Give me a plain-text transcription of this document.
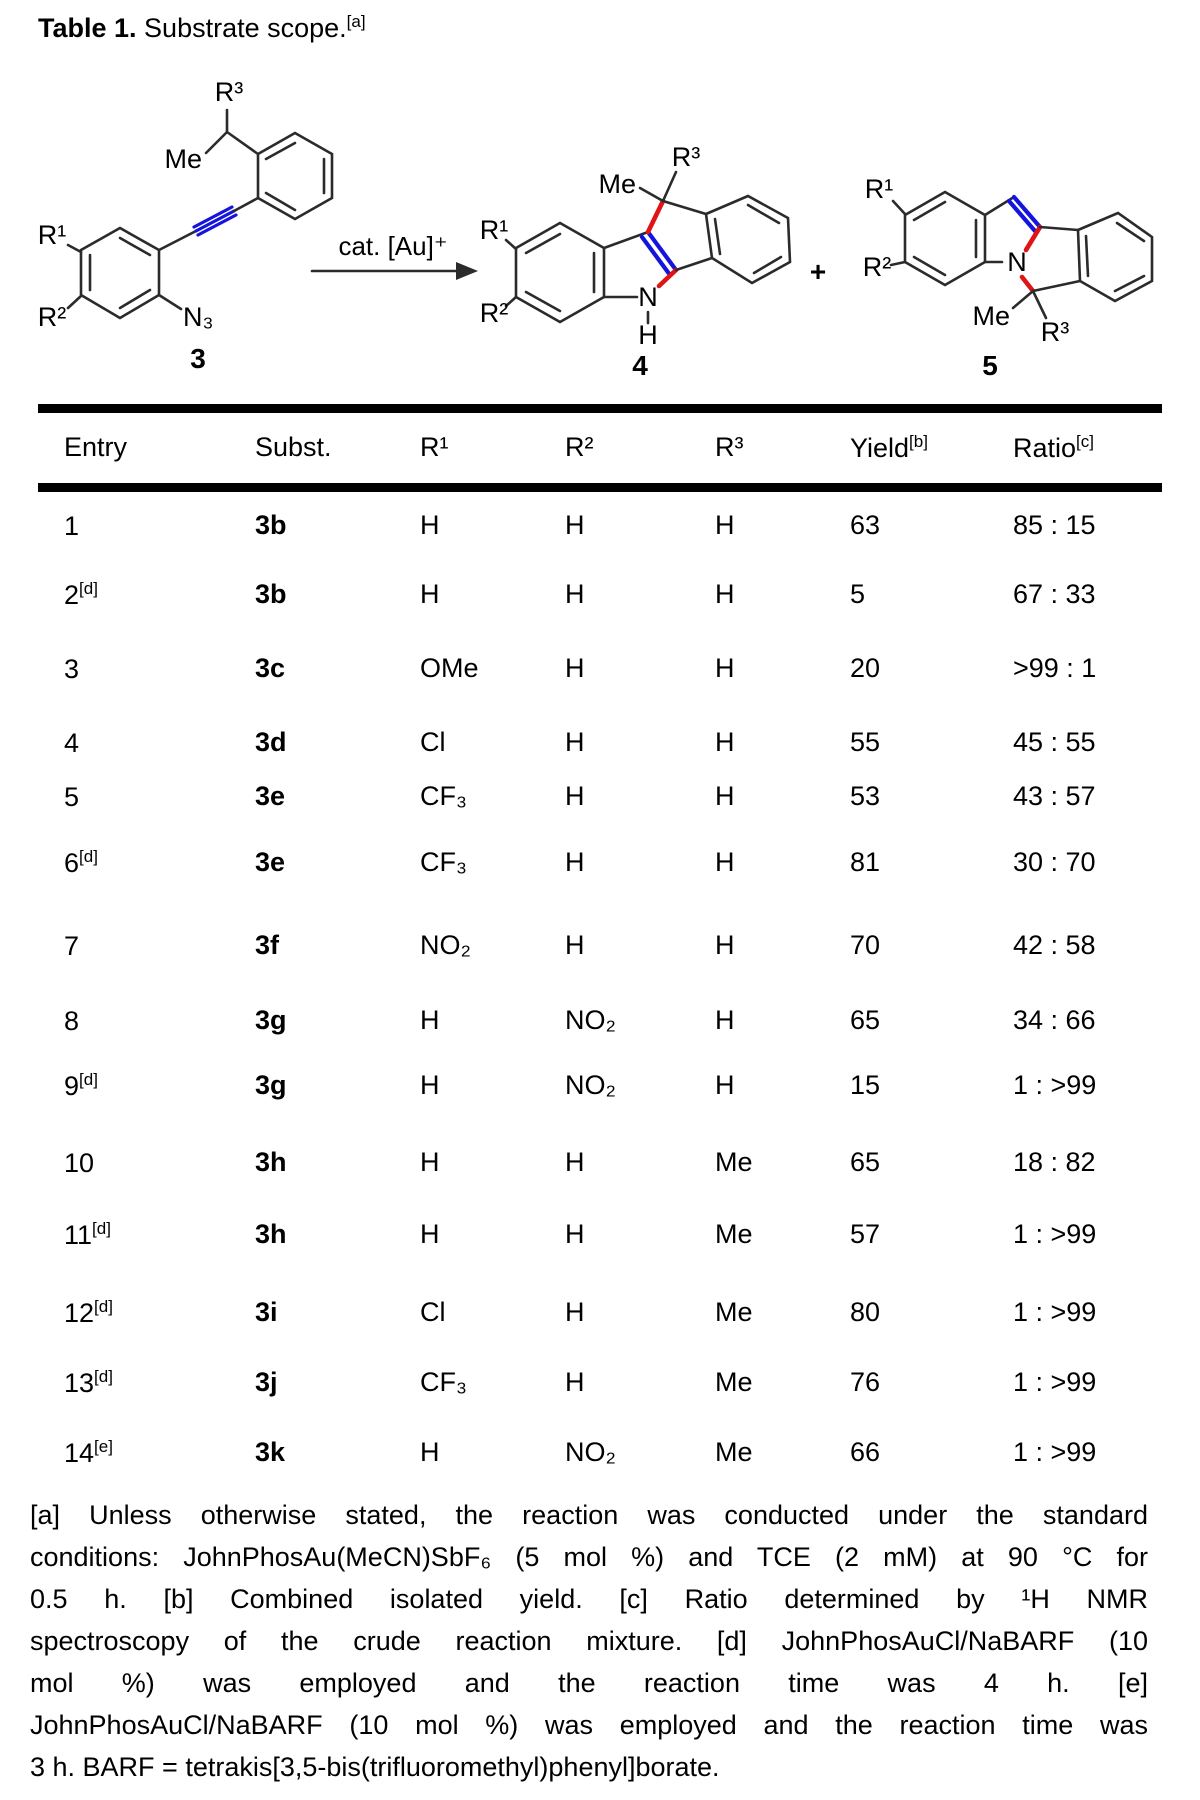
Table 1. Substrate scope.[a]
R¹
R²	N₃
R³
Me
3
cat. [Au]⁺
R¹
R²
N
H
Me
R³
4
+
R¹
R²	N
Me
R³
5
Entry	Subst.	R¹	R²	R³	Yield[b]	Ratio[c]
1	3b	H	H	H	63	85 : 15
2[d]	3b	H	H	H	5	67 : 33
3	3c	OMe	H	H	20	>99 : 1
4	3d	Cl	H	H	55	45 : 55
5	3e	CF₃	H	H	53	43 : 57
6[d]	3e	CF₃	H	H	81	30 : 70
7	3f	NO₂	H	H	70	42 : 58
8	3g	H	NO₂	H	65	34 : 66
9[d]	3g	H	NO₂	H	15	1 : >99
10	3h	H	H	Me	65	18 : 82
11[d]	3h	H	H	Me	57	1 : >99
12[d]	3i	Cl	H	Me	80	1 : >99
13[d]	3j	CF₃	H	Me	76	1 : >99
14[e]	3k	H	NO₂	Me	66	1 : >99
[a] Unless otherwise stated, the reaction was conducted under the standard
conditions: JohnPhosAu(MeCN)SbF₆ (5 mol %) and TCE (2 mM) at 90 °C for
0.5 h. [b] Combined isolated yield. [c] Ratio determined by ¹H NMR
spectroscopy of the crude reaction mixture. [d] JohnPhosAuCl/NaBARF (10
mol %) was employed and the reaction time was 4 h. [e]
JohnPhosAuCl/NaBARF (10 mol %) was employed and the reaction time was
3 h. BARF = tetrakis[3,5-bis(trifluoromethyl)phenyl]borate.
